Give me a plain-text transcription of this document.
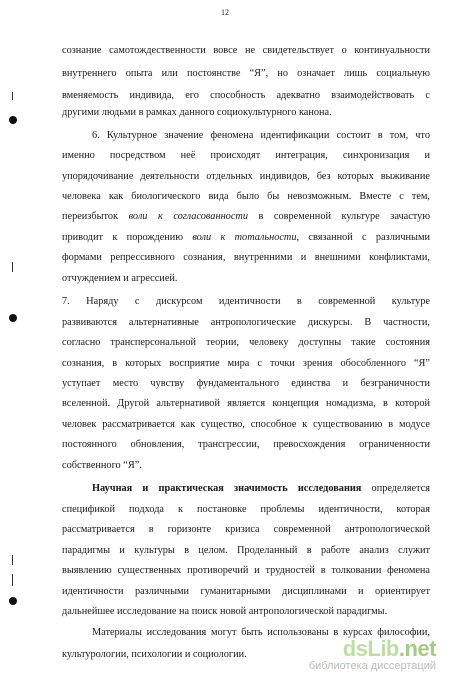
12
сознание самотождественности вовсе не свидетельствует о континуальности
внутреннего опыта или постоянстве “Я”, но означает лишь социальную
вменяемость индивида, его способность адекватно взаимодействовать с
другими людьми в рамках данного социокультурного канона.
6. Культурное значение феномена идентификации состоит в том, что
именно посредством неё происходят интеграция, синхронизация и
упорядочивание деятельности отдельных индивидов, без которых выживание
человека как биологического вида было бы невозможным. Вместе с тем,
переизбыток воли к согласованности в современной культуре зачастую
приводит к порождению воли к тотальности, связанной с различными
формами репрессивного сознания, внутренними и внешними конфликтами,
отчуждением и агрессией.
7. Наряду с дискурсом идентичности в современной культуре
развиваются альтернативные антропологические дискурсы. В частности,
согласно трансперсональной теории, человеку доступны такие состояния
сознания, в которых восприятие мира с точки зрения обособленного “Я”
уступает место чувству фундаментального единства и безграничности
вселенной. Другой альтернативой является концепция номадизма, в которой
человек рассматривается как существо, способное к существованию в модусе
постоянного обновления, трансгрессии, превосхождения ограниченности
собственного “Я”.
Научная и практическая значимость исследования определяется
спецификой подхода к постановке проблемы идентичности, которая
рассматривается в горизонте кризиса современной антропологической
парадигмы и культуры в целом. Проделанный в работе анализ служит
выявлению существенных противоречий и трудностей в толковании феномена
идентичности различными гуманитарными дисциплинами и ориентирует
дальнейшее исследование на поиск новой антропологической парадигмы.
Материалы исследования могут быть использованы в курсах философии,
культурологии, психологии и социологии.	dsLib.net
библиотека диссертаций
